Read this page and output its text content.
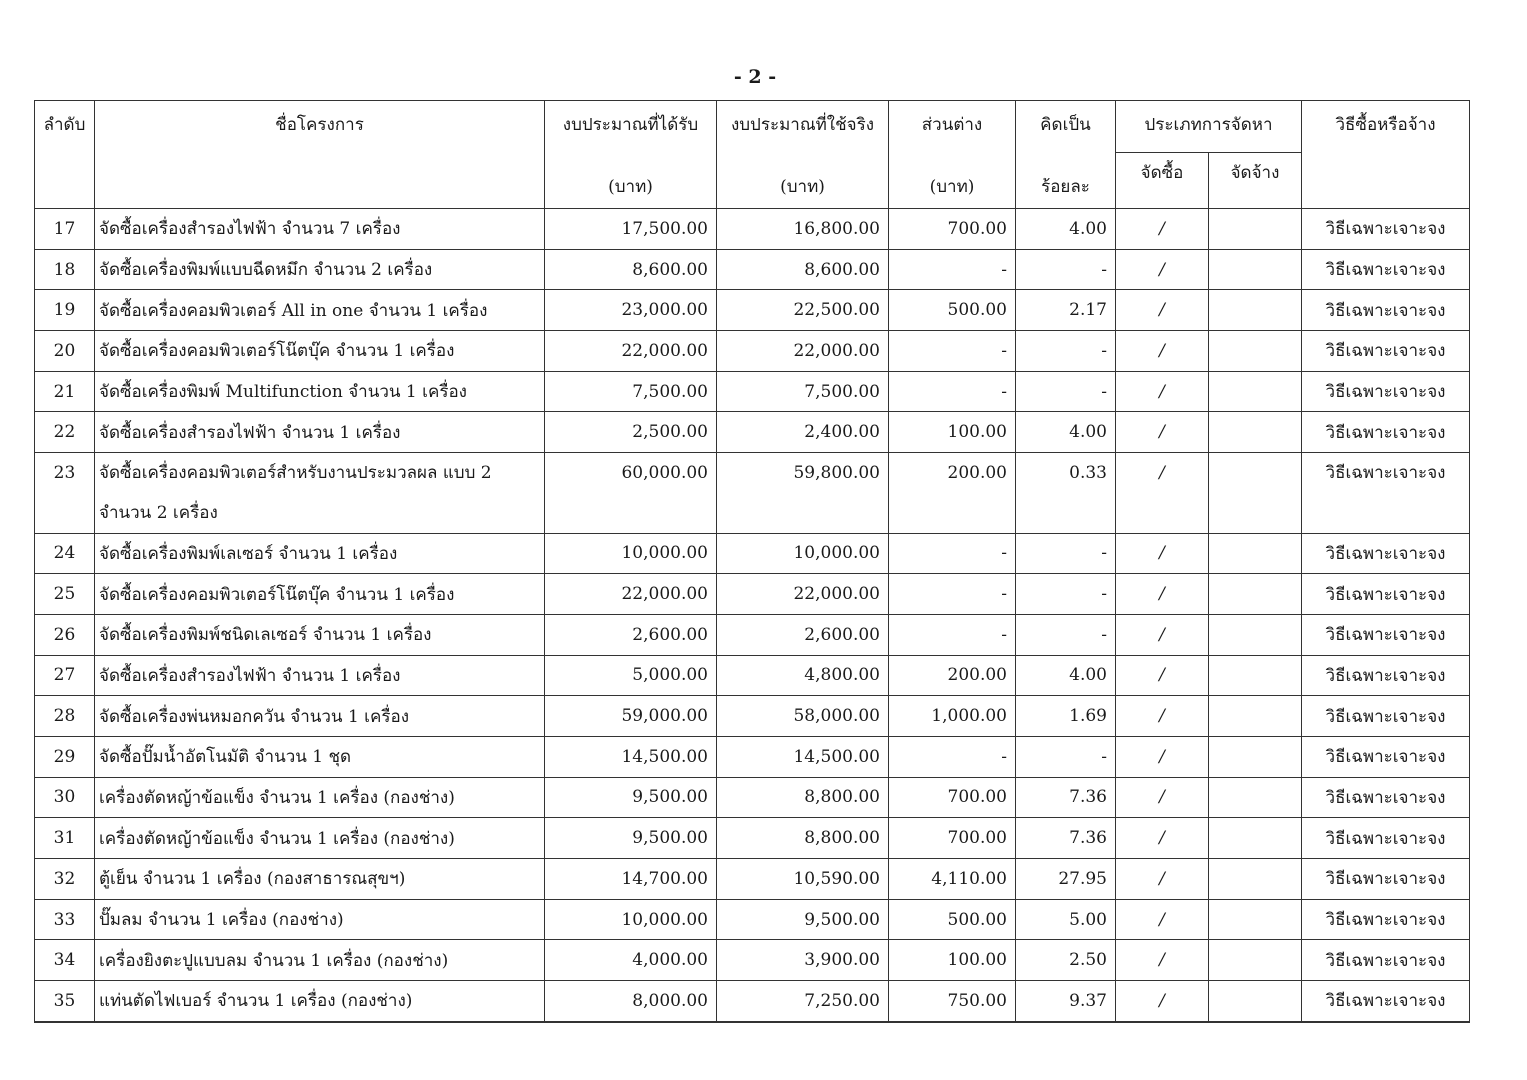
- 2 -
ลำดับ	ชื่อโครงการ	งบประมาณที่ได้รับ	งบประมาณที่ใช้จริง	ส่วนต่าง	คิดเป็น	ประเภทการจัดหา		วิธีซื้อหรือจ้าง
		(บาท)	(บาท)	(บาท)	ร้อยละ	จัดซื้อ	จัดจ้าง	
17	จัดซื้อเครื่องสำรองไฟฟ้า จำนวน 7 เครื่อง	17,500.00	16,800.00	700.00	4.00	/		วิธีเฉพาะเจาะจง
18	จัดซื้อเครื่องพิมพ์แบบฉีดหมึก จำนวน 2 เครื่อง	8,600.00	8,600.00	-	-	/		วิธีเฉพาะเจาะจง
19	จัดซื้อเครื่องคอมพิวเตอร์ All in one จำนวน 1 เครื่อง	23,000.00	22,500.00	500.00	2.17	/		วิธีเฉพาะเจาะจง
20	จัดซื้อเครื่องคอมพิวเตอร์โน๊ตบุ๊ค จำนวน 1 เครื่อง	22,000.00	22,000.00	-	-	/		วิธีเฉพาะเจาะจง
21	จัดซื้อเครื่องพิมพ์ Multifunction จำนวน 1 เครื่อง	7,500.00	7,500.00	-	-	/		วิธีเฉพาะเจาะจง
22	จัดซื้อเครื่องสำรองไฟฟ้า จำนวน 1 เครื่อง	2,500.00	2,400.00	100.00	4.00	/		วิธีเฉพาะเจาะจง
23	จัดซื้อเครื่องคอมพิวเตอร์สำหรับงานประมวลผล แบบ 2	60,000.00	59,800.00	200.00	0.33	/		วิธีเฉพาะเจาะจง
	จำนวน 2 เครื่อง							
24	จัดซื้อเครื่องพิมพ์เลเซอร์ จำนวน 1 เครื่อง	10,000.00	10,000.00	-	-	/		วิธีเฉพาะเจาะจง
25	จัดซื้อเครื่องคอมพิวเตอร์โน๊ตบุ๊ค จำนวน 1 เครื่อง	22,000.00	22,000.00	-	-	/		วิธีเฉพาะเจาะจง
26	จัดซื้อเครื่องพิมพ์ชนิดเลเซอร์ จำนวน 1 เครื่อง	2,600.00	2,600.00	-	-	/		วิธีเฉพาะเจาะจง
27	จัดซื้อเครื่องสำรองไฟฟ้า จำนวน 1 เครื่อง	5,000.00	4,800.00	200.00	4.00	/		วิธีเฉพาะเจาะจง
28	จัดซื้อเครื่องพ่นหมอกควัน จำนวน 1 เครื่อง	59,000.00	58,000.00	1,000.00	1.69	/		วิธีเฉพาะเจาะจง
29	จัดซื้อปั๊มน้ำอัตโนมัติ จำนวน 1 ชุด	14,500.00	14,500.00	-	-	/		วิธีเฉพาะเจาะจง
30	เครื่องตัดหญ้าข้อแข็ง จำนวน 1 เครื่อง (กองช่าง)	9,500.00	8,800.00	700.00	7.36	/		วิธีเฉพาะเจาะจง
31	เครื่องตัดหญ้าข้อแข็ง จำนวน 1 เครื่อง (กองช่าง)	9,500.00	8,800.00	700.00	7.36	/		วิธีเฉพาะเจาะจง
32	ตู้เย็น จำนวน 1 เครื่อง (กองสาธารณสุขฯ)	14,700.00	10,590.00	4,110.00	27.95	/		วิธีเฉพาะเจาะจง
33	ปั๊มลม จำนวน 1 เครื่อง (กองช่าง)	10,000.00	9,500.00	500.00	5.00	/		วิธีเฉพาะเจาะจง
34	เครื่องยิงตะปูแบบลม จำนวน 1 เครื่อง (กองช่าง)	4,000.00	3,900.00	100.00	2.50	/		วิธีเฉพาะเจาะจง
35	แท่นตัดไฟเบอร์ จำนวน 1 เครื่อง (กองช่าง)	8,000.00	7,250.00	750.00	9.37	/		วิธีเฉพาะเจาะจง
